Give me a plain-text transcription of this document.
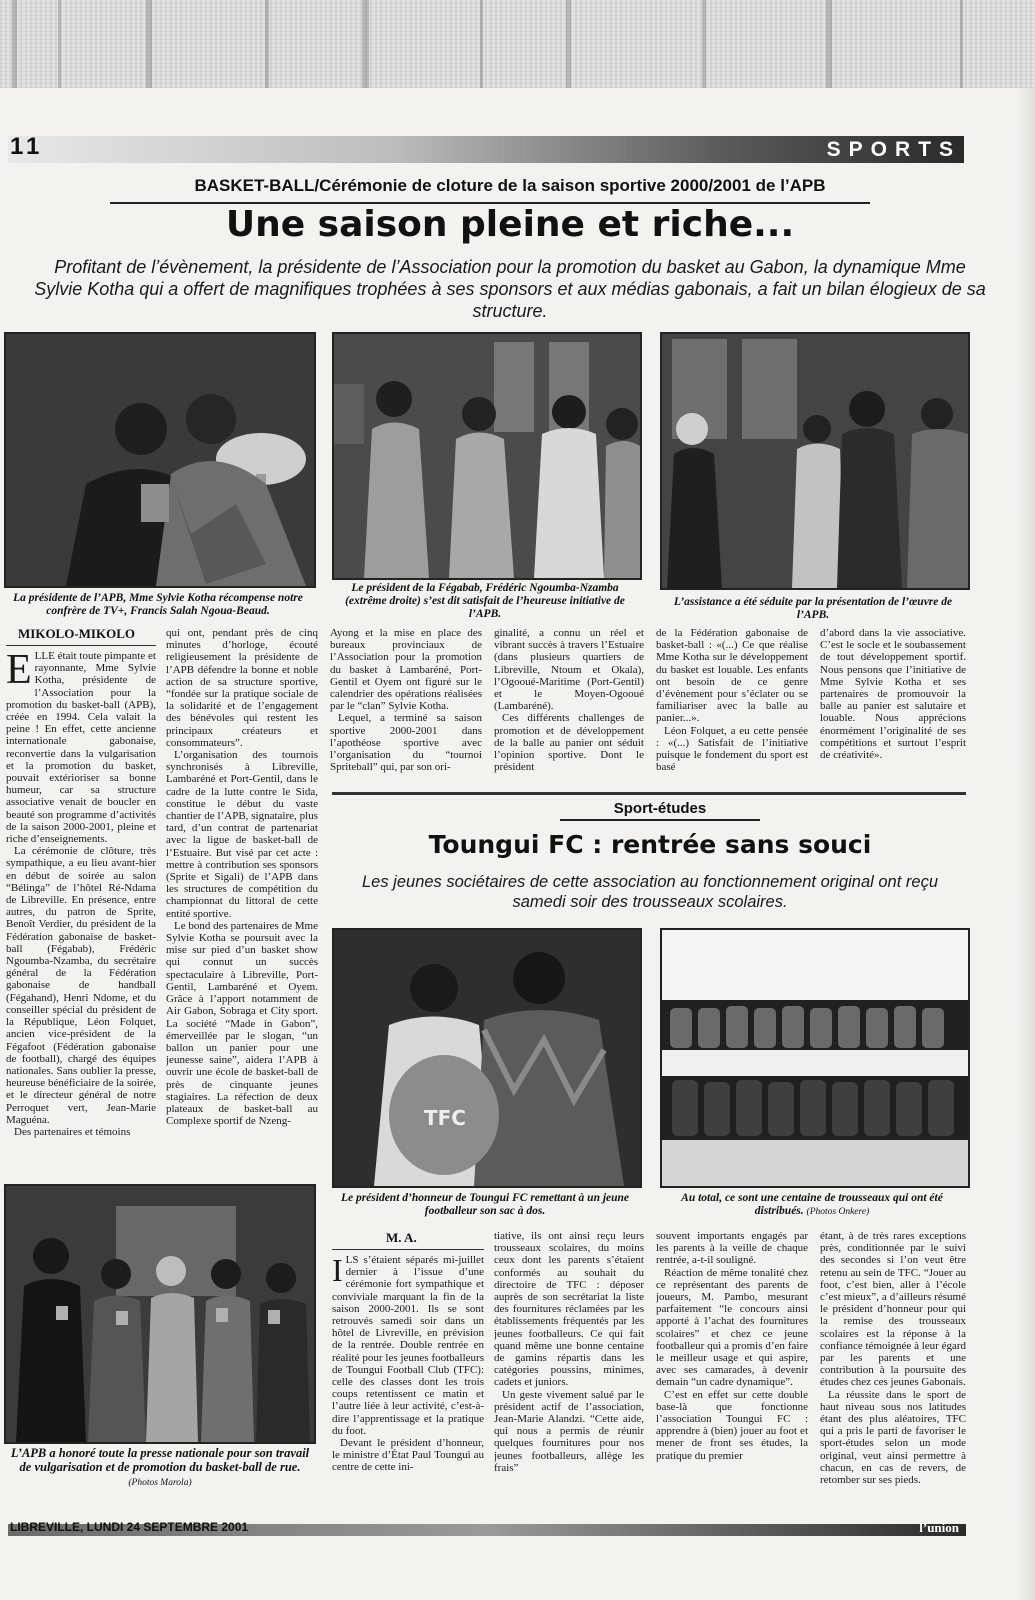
11	SPORTS
BASKET-BALL/Cérémonie de cloture de la saison sportive 2000/2001 de l’APB
Une saison pleine et riche...
Profitant de l’évènement, la présidente de l’Association pour la promotion du basket au Gabon, la dynamique Mme Sylvie Kotha qui a offert de magnifiques trophées à ses sponsors et aux médias gabonais, a fait un bilan élogieux de sa structure.
La présidente de l’APB, Mme Sylvie Kotha récompense notre confrère de TV+, Francis Salah Ngoua-Beaud.
Le président de la Fégabab, Frédéric Ngoumba-Nzamba (extrême droite) s’est dit satisfait de l’heureuse initiative de l’APB.
L’assistance a été séduite par la présentation de l’œuvre de l’APB.
MIKOLO-MIKOLO

ELLE était toute pimpante et rayonnante, Mme Sylvie Kotha, présidente de l’Association pour la promotion du basket-ball (APB), créée en 1994. Cela valait la peine ! En effet, cette ancienne internationale gabonaise, reconvertie dans la vulgarisation et la promotion du basket, pouvait extérioriser sa bonne humeur, car sa structure associative venait de boucler en beauté son programme d’activités de la saison 2000-2001, pleine et riche d’enseignements.

La cérémonie de clôture, très sympathique, a eu lieu avant-hier en début de soirée au salon “Bélinga” de l’hôtel Ré-Ndama de Libreville. En présence, entre autres, du patron de Sprite, Benoît Verdier, du président de la Fédération gabonaise de basket-ball (Fégabab), Frédéric Ngoumba-Nzamba, du secrétaire général de la Fédération gabonaise de handball (Fégahand), Henri Ndome, et du conseiller spécial du président de la République, Léon Folquet, ancien vice-président de la Fégafoot (Fédération gabonaise de football), chargé des équipes nationales. Sans oublier la presse, heureuse bénéficiaire de la soirée, et le directeur général de notre Perroquet vert, Jean-Marie Maguéna.

Des partenaires et témoins

qui ont, pendant près de cinq minutes d’horloge, écouté religieusement la présidente de l’APB défendre la bonne et noble action de sa structure sportive, “fondée sur la pratique sociale de la solidarité et de l’engagement des bénévoles qui restent les principaux créateurs et consommateurs”.

L’organisation des tournois synchronisés à Libreville, Lambaréné et Port-Gentil, dans le cadre de la lutte contre le Sida, constitue le début du vaste chantier de l’APB, signataire, plus tard, d’un contrat de partenariat avec la ligue de basket-ball de l’Estuaire. But visé par cet acte : mettre à contribution ses sponsors (Sprite et Sigali) de l’APB dans les structures de compétition du championnat du littoral de cette entité sportive.

Le bond des partenaires de Mme Sylvie Kotha se poursuit avec la mise sur pied d’un basket show qui connut un succès spectaculaire à Libreville, Port-Gentil, Lambaréné et Oyem. Grâce à l’apport notamment de Air Gabon, Sobraga et City sport. La société “Made in Gabon”, émerveillée par le slogan, “un ballon un panier pour une jeunesse saine”, aidera l’APB à ouvrir une école de basket-ball de près de cinquante jeunes stagiaires. La réfection de deux plateaux de basket-ball au Complexe sportif de Nzeng-

Ayong et la mise en place des bureaux provinciaux de l’Association pour la promotion du basket à Lambaréné, Port-Gentil et Oyem ont figuré sur le calendrier des opérations réalisées par le “clan” Sylvie Kotha.

Lequel, a terminé sa saison sportive 2000-2001 dans l’apothéose sportive avec l’organisation du “tournoi Spriteball” qui, par son ori-

ginalité, a connu un réel et vibrant succès à travers l’Estuaire (dans plusieurs quartiers de Libreville, Ntoum et Okala), l’Ogooué-Maritime (Port-Gentil) et le Moyen-Ogooué (Lambaréné).

Ces différents challenges de promotion et de développement de la balle au panier ont séduit l’opinion sportive. Dont le président

de la Fédération gabonaise de basket-ball : «(...) Ce que réalise Mme Kotha sur le développement du basket est louable. Les enfants ont besoin de ce genre d’évènement pour s’éclater ou se familiariser avec la balle au panier...».

Léon Folquet, a eu cette pensée : «(...) Satisfait de l’initiative puisque le fondement du sport est basé

d’abord dans la vie associative. C’est le socle et le soubassement de tout développement sportif. Nous pensons que l’initiative de Mme Sylvie Kotha et ses partenaires de promouvoir la balle au panier est salutaire et louable. Nous apprécions énormément l’originalité de ses compétitions et surtout l’esprit de créativité».

Sport-études
Toungui FC : rentrée sans souci
Les jeunes sociétaires de cette association au fonctionnement original ont reçu samedi soir des trousseaux scolaires.
TFC
Le président d’honneur de Toungui FC remettant à un jeune footballeur son sac à dos.
Au total, ce sont une centaine de trousseaux qui ont été distribués. (Photos Onkere)
M. A.

ILS s’étaient séparés mi-juillet dernier à l’issue d’une cérémonie fort sympathique et conviviale marquant la fin de la saison 2000-2001. Ils se sont retrouvés samedi soir dans un hôtel de Livreville, en prévision de la rentrée. Double rentrée en réalité pour les jeunes footballeurs de Toungui Football Club (TFC): celle des classes dont les trois coups retentissent ce matin et l’autre liée à leur activité, c’est-à-dire l’apprentissage et la pratique du foot.

Devant le président d’honneur, le ministre d’État Paul Toungui au centre de cette ini-

tiative, ils ont ainsi reçu leurs trousseaux scolaires, du moins ceux dont les parents s’étaient conformés au souhait du directoire de TFC : déposer auprès de son secrétariat la liste des fournitures réclamées par les établissements fréquentés par les jeunes footballeurs. Ce qui fait quand même une bonne centaine de gamins répartis dans les catégories poussins, minimes, cadets et juniors.

Un geste vivement salué par le président actif de l’association, Jean-Marie Alandzi. “Cette aide, qui nous a permis de réunir quelques fournitures pour nos jeunes footballeurs, allège les frais”

souvent importants engagés par les parents à la veille de chaque rentrée, a-t-il souligné.

Réaction de même tonalité chez ce représentant des parents de joueurs, M. Pambo, mesurant parfaitement “le concours ainsi apporté à l’achat des fournitures scolaires” et chez ce jeune footballeur qui a promis d’en faire le meilleur usage et qui aspire, avec ses camarades, à devenir demain “un cadre dynamique”.

C’est en effet sur cette double base-là que fonctionne l’association Toungui FC : apprendre à (bien) jouer au foot et mener de front ses études, la pratique du premier

étant, à de très rares exceptions près, conditionnée par le suivi des secondes si l’on veut être retenu au sein de TFC. “Jouer au foot, c’est bien, aller à l’école c’est mieux”, a d’ailleurs résumé le président d’honneur pour qui la remise des trousseaux scolaires est la réponse à la confiance témoignée à leur égard par les parents et une contribution à la poursuite des études chez ces jeunes Gabonais.

La réussite dans le sport de haut niveau sous nos latitudes étant des plus aléatoires, TFC qui a pris le parti de favoriser le sport-études selon un mode original, veut ainsi permettre à chacun, en cas de revers, de retomber sur ses pieds.

L’APB a honoré toute la presse nationale pour son travail de vulgarisation et de promotion du basket-ball de rue. (Photos Marola)
LIBREVILLE, LUNDI 24 SEPTEMBRE 2001	l’union
